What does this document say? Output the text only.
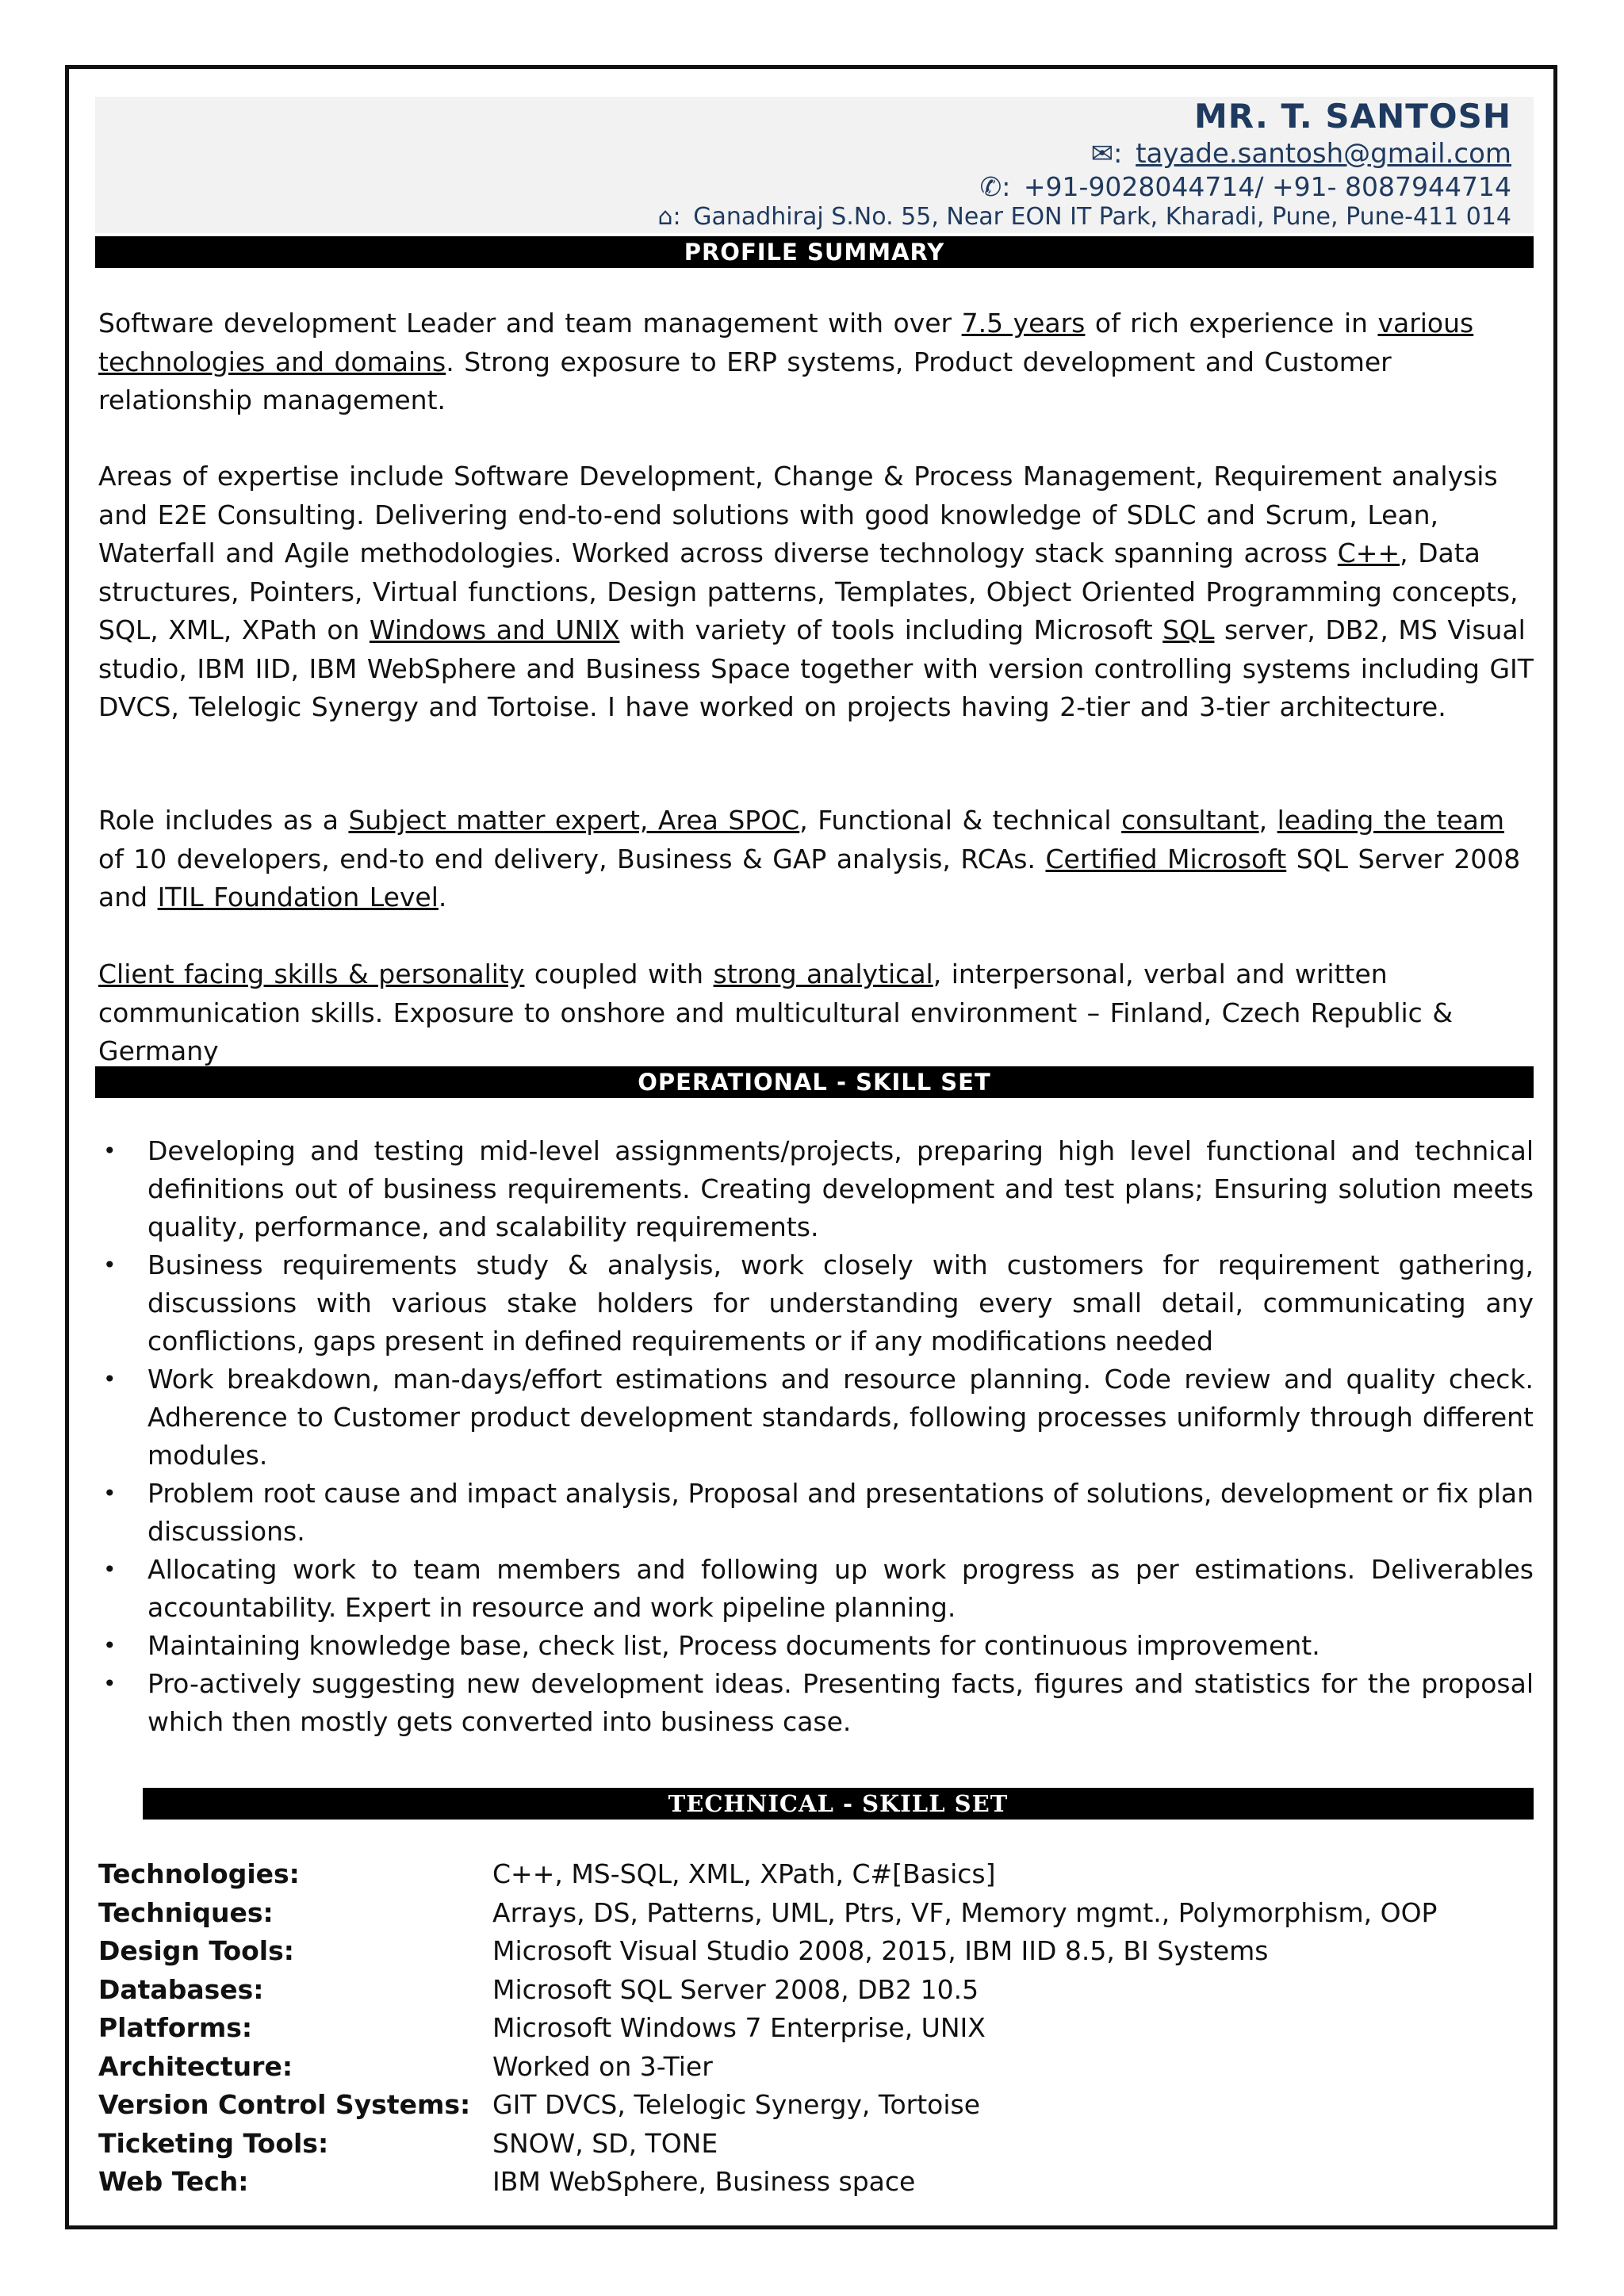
MR. T. SANTOSH
✉: tayade.santosh@gmail.com
✆: +91-9028044714/ +91- 8087944714
⌂: Ganadhiraj S.No. 55, Near EON IT Park, Kharadi, Pune, Pune-411 014
PROFILE SUMMARY
Software development Leader and team management with over 7.5 years of rich experience in various technologies and domains. Strong exposure to ERP systems, Product development and Customer relationship management.
Areas of expertise include Software Development, Change & Process Management, Requirement analysis and E2E Consulting. Delivering end-to-end solutions with good knowledge of SDLC and Scrum, Lean, Waterfall and Agile methodologies. Worked across diverse technology stack spanning across C++, Data structures, Pointers, Virtual functions, Design patterns, Templates, Object Oriented Programming concepts, SQL, XML, XPath on Windows and UNIX with variety of tools including Microsoft SQL server, DB2, MS Visual studio, IBM IID, IBM WebSphere and Business Space together with version controlling systems including GIT DVCS, Telelogic Synergy and Tortoise. I have worked on projects having 2-tier and 3-tier architecture.
Role includes as a Subject matter expert, Area SPOC, Functional & technical consultant, leading the team of 10 developers, end-to end delivery, Business & GAP analysis, RCAs. Certified Microsoft SQL Server 2008 and ITIL Foundation Level.
Client facing skills & personality coupled with strong analytical, interpersonal, verbal and written communication skills. Exposure to onshore and multicultural environment – Finland, Czech Republic & Germany
OPERATIONAL - SKILL SET
• Developing and testing mid-level assignments/projects, preparing high level functional and technical definitions out of business requirements. Creating development and test plans; Ensuring solution meets quality, performance, and scalability requirements.
• Business requirements study & analysis, work closely with customers for requirement gathering, discussions with various stake holders for understanding every small detail, communicating any conflictions, gaps present in defined requirements or if any modifications needed
• Work breakdown, man-days/effort estimations and resource planning. Code review and quality check. Adherence to Customer product development standards, following processes uniformly through different modules.
• Problem root cause and impact analysis, Proposal and presentations of solutions, development or fix plan discussions.
• Allocating work to team members and following up work progress as per estimations. Deliverables accountability. Expert in resource and work pipeline planning.
• Maintaining knowledge base, check list, Process documents for continuous improvement.
• Pro-actively suggesting new development ideas. Presenting facts, figures and statistics for the proposal which then mostly gets converted into business case.
TECHNICAL - SKILL SET
Technologies:	C++, MS-SQL, XML, XPath, C#[Basics]
Techniques:	Arrays, DS, Patterns, UML, Ptrs, VF, Memory mgmt., Polymorphism, OOP
Design Tools:	Microsoft Visual Studio 2008, 2015, IBM IID 8.5, BI Systems
Databases:	Microsoft SQL Server 2008, DB2 10.5
Platforms:	Microsoft Windows 7 Enterprise, UNIX
Architecture:	Worked on 3-Tier
Version Control Systems: GIT DVCS, Telelogic Synergy, Tortoise
Ticketing Tools:	SNOW, SD, TONE
Web Tech:	IBM WebSphere, Business space
